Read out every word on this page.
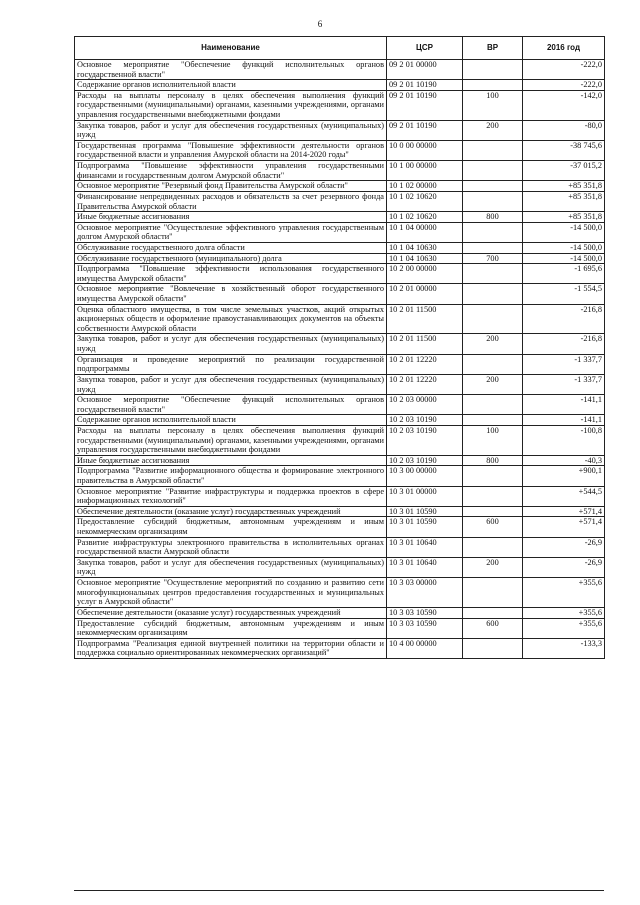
6
Наименование	ЦСР	ВР	2016 год
Основное мероприятие "Обеспечение функций исполнительных органов государственной власти"	09 2 01 00000		-222,0
Содержание органов исполнительной власти	09 2 01 10190		-222,0
Расходы на выплаты персоналу в целях обеспечения выполнения функций государственными (муниципальными) органами, казенными учреждениями, органами управления государственными внебюджетными фондами	09 2 01 10190	100	-142,0
Закупка товаров, работ и услуг для обеспечения государственных (муниципальных) нужд	09 2 01 10190	200	-80,0
Государственная программа "Повышение эффективности деятельности органов государственной власти и управления Амурской области на 2014-2020 годы"	10 0 00 00000		-38 745,6
Подпрограмма "Повышение эффективности управления государственными финансами и государственным долгом Амурской области"	10 1 00 00000		-37 015,2
Основное мероприятие "Резервный фонд Правительства Амурской области"	10 1 02 00000		+85 351,8
Финансирование непредвиденных расходов и обязательств за счет резервного фонда Правительства Амурской области	10 1 02 10620		+85 351,8
Иные бюджетные ассигнования	10 1 02 10620	800	+85 351,8
Основное мероприятие "Осуществление эффективного управления государственным долгом Амурской области"	10 1 04 00000		-14 500,0
Обслуживание государственного долга области	10 1 04 10630		-14 500,0
Обслуживание государственного (муниципального) долга	10 1 04 10630	700	-14 500,0
Подпрограмма "Повышение эффективности использования государственного имущества Амурской области"	10 2 00 00000		-1 695,6
Основное мероприятие "Вовлечение в хозяйственный оборот государственного имущества Амурской области"	10 2 01 00000		-1 554,5
Оценка областного имущества, в том числе земельных участков, акций открытых акционерных обществ и оформление правоустанавливающих документов на объекты собственности Амурской области	10 2 01 11500		-216,8
Закупка товаров, работ и услуг для обеспечения государственных (муниципальных) нужд	10 2 01 11500	200	-216,8
Организация и проведение мероприятий по реализации государственной подпрограммы	10 2 01 12220		-1 337,7
Закупка товаров, работ и услуг для обеспечения государственных (муниципальных) нужд	10 2 01 12220	200	-1 337,7
Основное мероприятие "Обеспечение функций исполнительных органов государственной власти"	10 2 03 00000		-141,1
Содержание органов исполнительной власти	10 2 03 10190		-141,1
Расходы на выплаты персоналу в целях обеспечения выполнения функций государственными (муниципальными) органами, казенными учреждениями, органами управления государственными внебюджетными фондами	10 2 03 10190	100	-100,8
Иные бюджетные ассигнования	10 2 03 10190	800	-40,3
Подпрограмма "Развитие информационного общества и формирование электронного правительства в Амурской области"	10 3 00 00000		+900,1
Основное мероприятие "Развитие инфраструктуры и поддержка проектов в сфере информационных технологий"	10 3 01 00000		+544,5
Обеспечение деятельности (оказание услуг) государственных учреждений	10 3 01 10590		+571,4
Предоставление субсидий бюджетным, автономным учреждениям и иным некоммерческим организациям	10 3 01 10590	600	+571,4
Развитие инфраструктуры электронного правительства в исполнительных органах государственной власти Амурской области	10 3 01 10640		-26,9
Закупка товаров, работ и услуг для обеспечения государственных (муниципальных) нужд	10 3 01 10640	200	-26,9
Основное мероприятие "Осуществление мероприятий по созданию и развитию сети многофункциональных центров предоставления государственных и муниципальных услуг в Амурской области"	10 3 03 00000		+355,6
Обеспечение деятельности (оказание услуг) государственных учреждений	10 3 03 10590		+355,6
Предоставление субсидий бюджетным, автономным учреждениям и иным некоммерческим организациям	10 3 03 10590	600	+355,6
Подпрограмма "Реализация единой внутренней политики на территории области и поддержка социально ориентированных некоммерческих организаций"	10 4 00 00000		-133,3
